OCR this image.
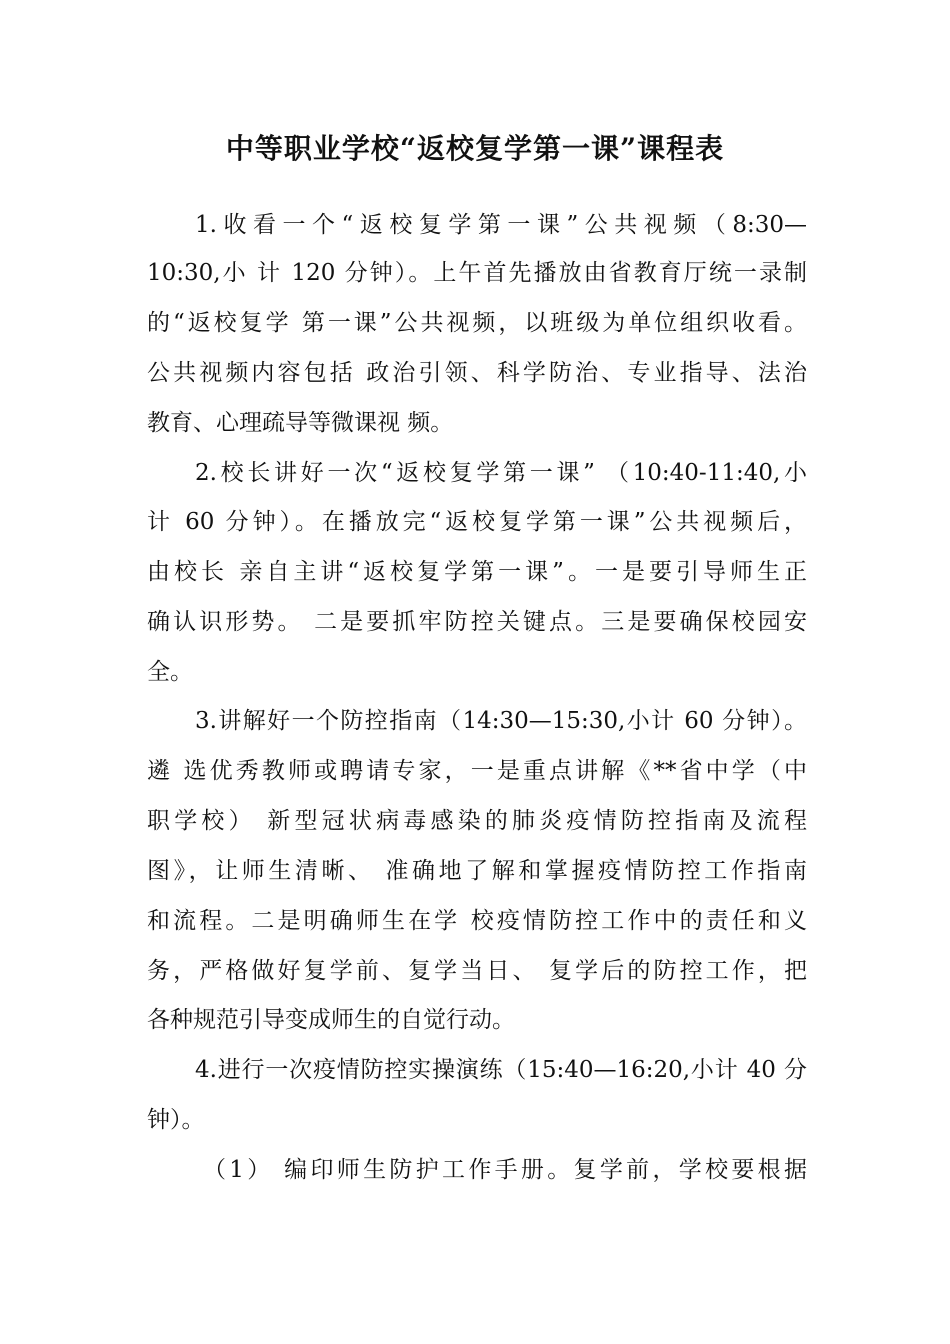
中等职业学校“返校复学第一课”课程表
1.收看一个“返校复学第一课”公共视频（8:30—
10:30,小 计 120 分钟）。上午首先播放由省教育厅统一录制
的“返校复学 第一课”公共视频，以班级为单位组织收看。
公共视频内容包括 政治引领、科学防治、专业指导、法治
教育、心理疏导等微课视 频。
2.校长讲好一次“返校复学第一课” （10:40-11:40,小
计 60 分钟）。在播放完“返校复学第一课”公共视频后，
由校长 亲自主讲“返校复学第一课”。一是要引导师生正
确认识形势。 二是要抓牢防控关键点。三是要确保校园安
全。
3.讲解好一个防控指南（14:30—15:30,小计 60 分钟）。
遴 选优秀教师或聘请专家，一是重点讲解《**省中学（中
职学校） 新型冠状病毒感染的肺炎疫情防控指南及流程
图》，让师生清晰、 准确地了解和掌握疫情防控工作指南
和流程。二是明确师生在学 校疫情防控工作中的责任和义
务，严格做好复学前、复学当日、 复学后的防控工作，把
各种规范引导变成师生的自觉行动。
4.进行一次疫情防控实操演练（15:40—16:20,小计 40 分
钟）。
（1） 编印师生防护工作手册。复学前，学校要根据
